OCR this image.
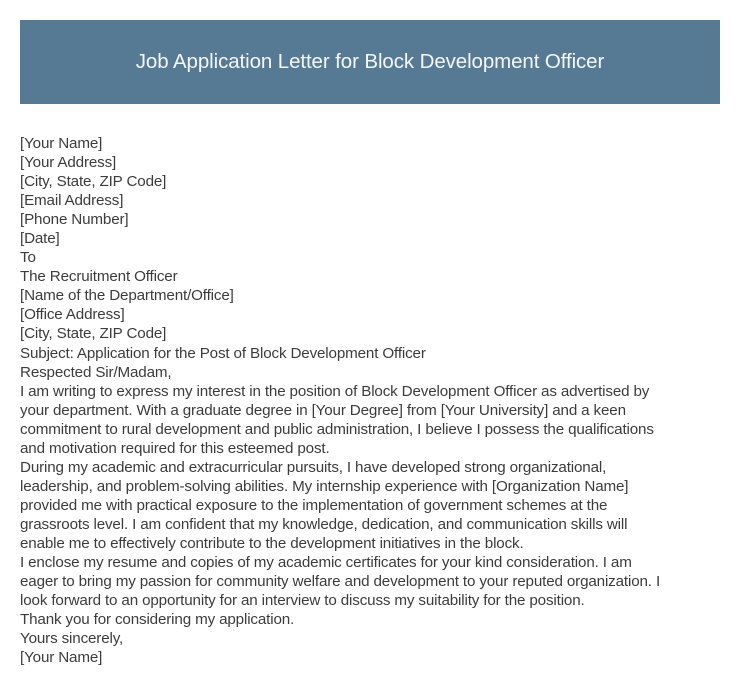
Job Application Letter for Block Development Officer
[Your Name]
[Your Address]
[City, State, ZIP Code]
[Email Address]
[Phone Number]
[Date]
To
The Recruitment Officer
[Name of the Department/Office]
[Office Address]
[City, State, ZIP Code]
Subject: Application for the Post of Block Development Officer
Respected Sir/Madam,
I am writing to express my interest in the position of Block Development Officer as advertised by
your department. With a graduate degree in [Your Degree] from [Your University] and a keen
commitment to rural development and public administration, I believe I possess the qualifications
and motivation required for this esteemed post.
During my academic and extracurricular pursuits, I have developed strong organizational,
leadership, and problem-solving abilities. My internship experience with [Organization Name]
provided me with practical exposure to the implementation of government schemes at the
grassroots level. I am confident that my knowledge, dedication, and communication skills will
enable me to effectively contribute to the development initiatives in the block.
I enclose my resume and copies of my academic certificates for your kind consideration. I am
eager to bring my passion for community welfare and development to your reputed organization. I
look forward to an opportunity for an interview to discuss my suitability for the position.
Thank you for considering my application.
Yours sincerely,
[Your Name]
